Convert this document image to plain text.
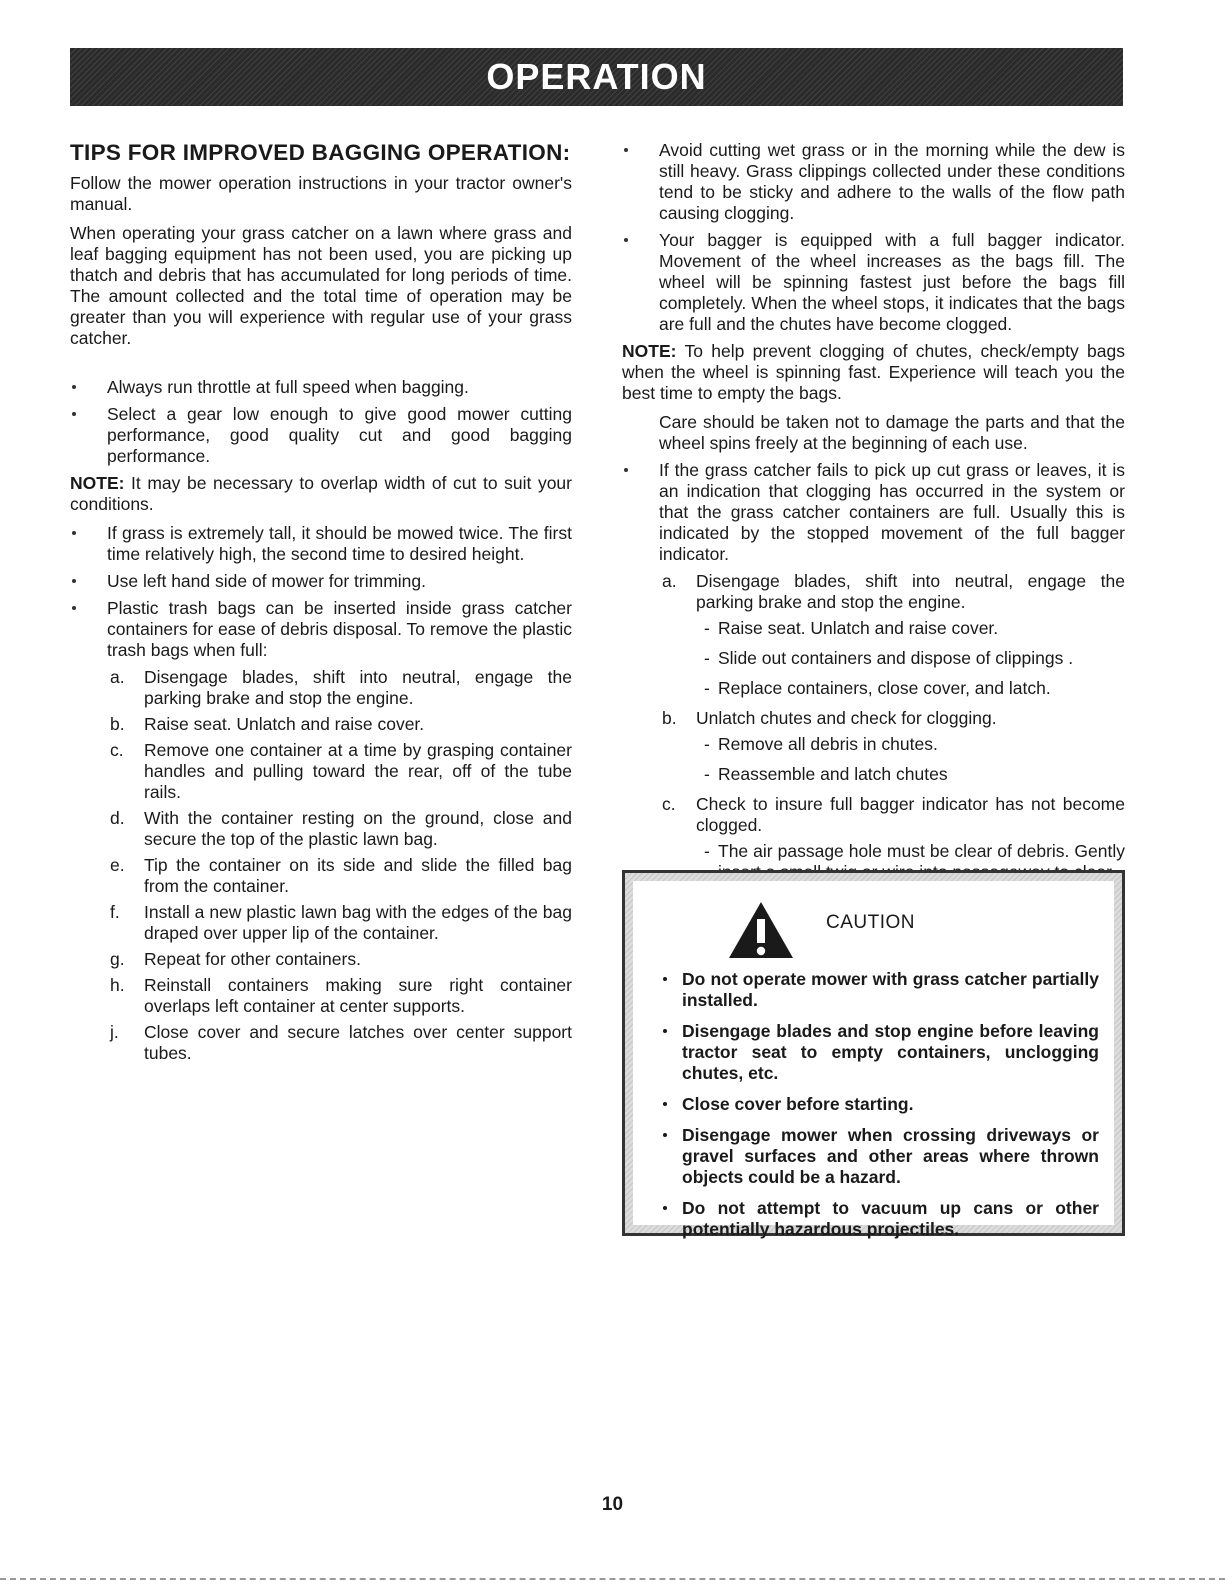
OPERATION
TIPS FOR IMPROVED BAGGING OPERATION:

Follow the mower operation instructions in your tractor owner's manual.

When operating your grass catcher on a lawn where grass and leaf bagging equipment has not been used, you are picking up thatch and debris that has accumulated for long periods of time. The amount collected and the total time of operation may be greater than you will experience with regular use of your grass catcher.

Always run throttle at full speed when bagging.
Select a gear low enough to give good mower cutting performance, good quality cut and good bagging performance.

NOTE: It may be necessary to overlap width of cut to suit your conditions.

If grass is extremely tall, it should be mowed twice. The first time relatively high, the second time to desired height.
Use left hand side of mower for trimming.
Plastic trash bags can be inserted inside grass catcher containers for ease of debris disposal. To remove the plastic trash bags when full:
a. Disengage blades, shift into neutral, engage the parking brake and stop the engine.
b. Raise seat. Unlatch and raise cover.
c. Remove one container at a time by grasping container handles and pulling toward the rear, off of the tube rails.
d. With the container resting on the ground, close and secure the top of the plastic lawn bag.
e. Tip the container on its side and slide the filled bag from the container.
f. Install a new plastic lawn bag with the edges of the bag draped over upper lip of the container.
g. Repeat for other containers.
h. Reinstall containers making sure right container overlaps left container at center supports.
j. Close cover and secure latches over center support tubes.
Avoid cutting wet grass or in the morning while the dew is still heavy. Grass clippings collected under these conditions tend to be sticky and adhere to the walls of the flow path causing clogging.
Your bagger is equipped with a full bagger indicator. Movement of the wheel increases as the bags fill. The wheel will be spinning fastest just before the bags fill completely. When the wheel stops, it indicates that the bags are full and the chutes have become clogged.

NOTE: To help prevent clogging of chutes, check/empty bags when the wheel is spinning fast. Experience will teach you the best time to empty the bags.

Care should be taken not to damage the parts and that the wheel spins freely at the beginning of each use.

If the grass catcher fails to pick up cut grass or leaves, it is an indication that clogging has occurred in the system or that the grass catcher containers are full. Usually this is indicated by the stopped movement of the full bagger indicator.
a. Disengage blades, shift into neutral, engage the parking brake and stop the engine.
- Raise seat. Unlatch and raise cover.
- Slide out containers and dispose of clippings .
- Replace containers, close cover, and latch.
b. Unlatch chutes and check for clogging.
- Remove all debris in chutes.
- Reassemble and latch chutes
c. Check to insure full bagger indicator has not become clogged.
- The air passage hole must be clear of debris. Gently
CAUTION
Do not operate mower with grass catcher partially installed.
Disengage blades and stop engine before leaving tractor seat to empty containers, unclogging chutes, etc.
Close cover before starting.
Disengage mower when crossing driveways or gravel surfaces and other areas where thrown objects could be a hazard.
Do not attempt to vacuum up cans or other potentially hazardous projectiles.
10
